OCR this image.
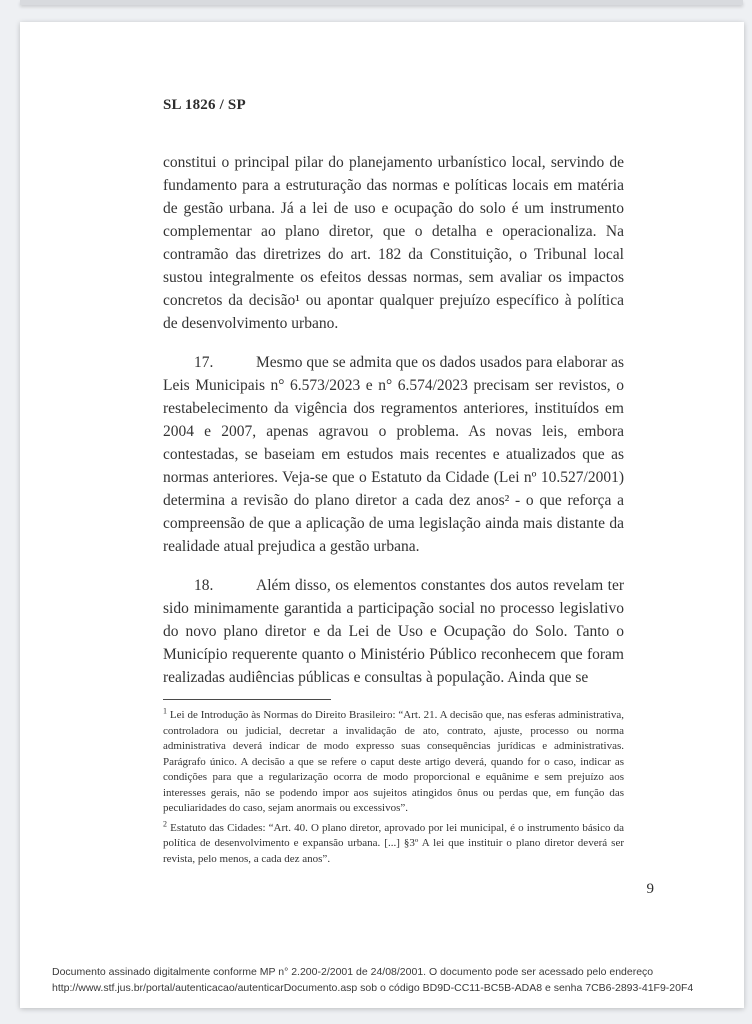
SL 1826 / SP

constitui o principal pilar do planejamento urbanístico local, servindo de fundamento para a estruturação das normas e políticas locais em matéria de gestão urbana. Já a lei de uso e ocupação do solo é um instrumento complementar ao plano diretor, que o detalha e operacionaliza. Na contramão das diretrizes do art. 182 da Constituição, o Tribunal local sustou integralmente os efeitos dessas normas, sem avaliar os impactos concretos da decisão¹ ou apontar qualquer prejuízo específico à política de desenvolvimento urbano.

17.	Mesmo que se admita que os dados usados para elaborar as Leis Municipais n° 6.573/2023 e n° 6.574/2023 precisam ser revistos, o restabelecimento da vigência dos regramentos anteriores, instituídos em 2004 e 2007, apenas agravou o problema. As novas leis, embora contestadas, se baseiam em estudos mais recentes e atualizados que as normas anteriores. Veja-se que o Estatuto da Cidade (Lei nº 10.527/2001) determina a revisão do plano diretor a cada dez anos² - o que reforça a compreensão de que a aplicação de uma legislação ainda mais distante da realidade atual prejudica a gestão urbana.

18.	Além disso, os elementos constantes dos autos revelam ter sido minimamente garantida a participação social no processo legislativo do novo plano diretor e da Lei de Uso e Ocupação do Solo. Tanto o Município requerente quanto o Ministério Público reconhecem que foram realizadas audiências públicas e consultas à população. Ainda que se

$^1$ Lei de Introdução às Normas do Direito Brasileiro: “Art. 21. A decisão que, nas esferas administrativa, controladora ou judicial, decretar a invalidação de ato, contrato, ajuste, processo ou norma administrativa deverá indicar de modo expresso suas consequências jurídicas e administrativas. Parágrafo único. A decisão a que se refere o caput deste artigo deverá, quando for o caso, indicar as condições para que a regularização ocorra de modo proporcional e equânime e sem prejuízo aos interesses gerais, não se podendo impor aos sujeitos atingidos ônus ou perdas que, em função das peculiaridades do caso, sejam anormais ou excessivos”.

$^2$ Estatuto das Cidades: “Art. 40. O plano diretor, aprovado por lei municipal, é o instrumento básico da política de desenvolvimento e expansão urbana. [...] §3º A lei que instituir o plano diretor deverá ser revista, pelo menos, a cada dez anos”.

9
Documento assinado digitalmente conforme MP n° 2.200-2/2001 de 24/08/2001. O documento pode ser acessado pelo endereço
http://www.stf.jus.br/portal/autenticacao/autenticarDocumento.asp sob o código BD9D-CC11-BC5B-ADA8 e senha 7CB6-2893-41F9-20F4
